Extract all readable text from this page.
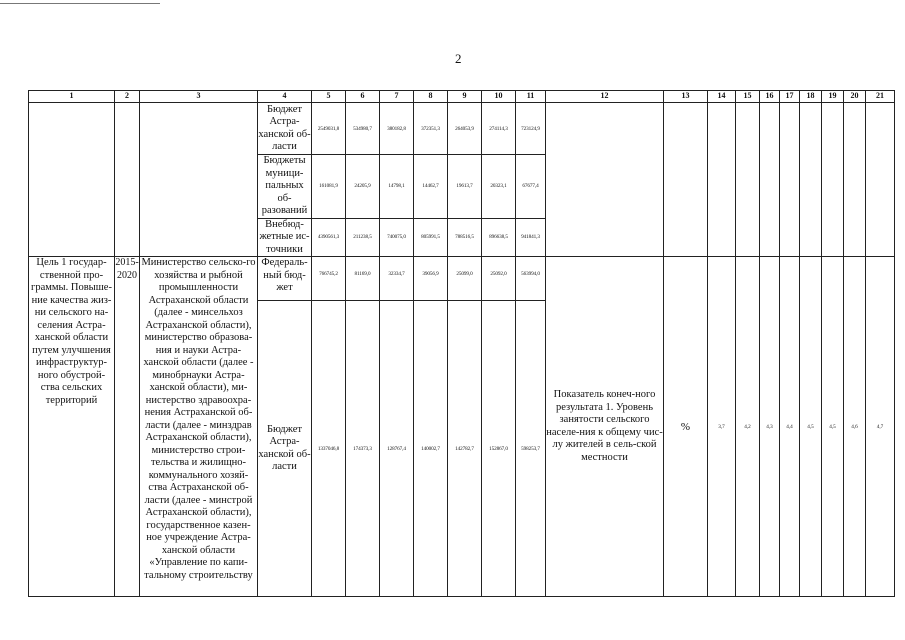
2
1	2	3	4	5	6	7	8	9	10	11	12	13	14	15	16	17	18	19	20	21
			Бюджет Астра-ханской об-ласти	2549031,8	534980,7	380182,8	372351,3	264053,9	274114,3	723124,9										
			Бюджеты муници-пальных об-разований	161081,9	24205,9	14798,1	14462,7	19613,7	20323,1	67677,4										
			Внебюд-жетные ис-точники	4390561,3	211238,5	740075,0	805991,5	788516,5	896638,5	941841,3										
Цель 1 государ-ственной про-граммы. Повыше-ние качества жиз-ни сельского на-селения Астра-ханской области путем улучшения инфраструктур-ного обустрой-ства сельских территорий	2015-2020	Министерство сельско-го хозяйства и рыбной промышленности Астраханской области (далее - минсельхоз Астраханской области), министерство образова-ния и науки Астра-ханской области (далее - минобрнауки Астра-ханской области), ми-нистерство здравоохра-нения Астраханской об-ласти (далее - минздрав Астраханской области), министерство строи-тельства и жилищно-коммунального хозяй-ства Астраханской об-ласти (далее - минстрой Астраханской области), государственное казен-ное учреждение Астра-ханской области «Управление по капи-тальному строительству	Федераль-ный бюд-жет	766745,2	81169,0	32334,7	39056,9	25099,0	25092,0	563994,0	Показатель конеч-ного результата 1. Уровень занятости сельского населе-ния к общему чис-лу жителей в сель-ской местности	%	3,7	4,2	4,3	4,4	4,5	4,5	4,6	4,7
			Бюджет Астра-ханской об-ласти	1337046,8	174373,3	128767,4	140002,7	142782,7	152867,0	598253,7										
